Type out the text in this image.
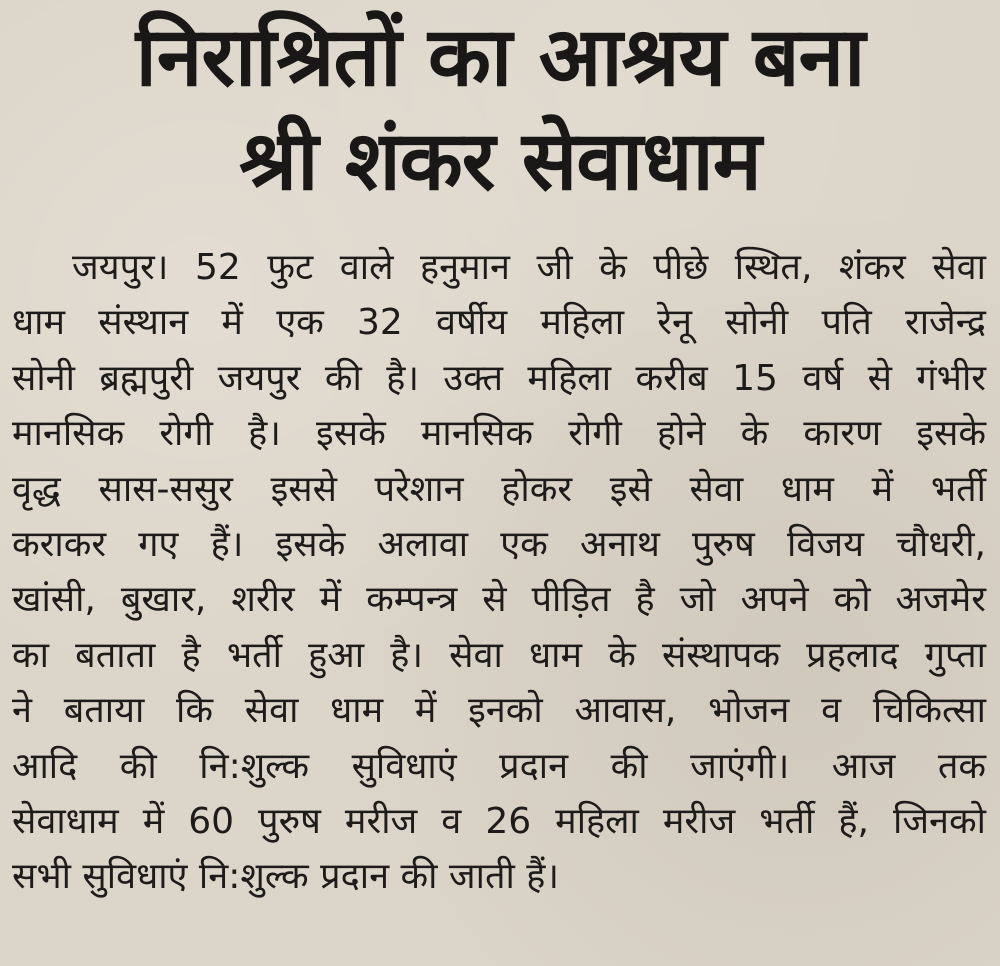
निराश्रितों का आश्रय बना
श्री शंकर सेवाधाम

जयपुर। 52 फुट वाले हनुमान जी के पीछे स्थित, शंकर सेवा
धाम संस्थान में एक 32 वर्षीय महिला रेनू सोनी पति राजेन्द्र
सोनी ब्रह्मपुरी जयपुर की है। उक्त महिला करीब 15 वर्ष से गंभीर
मानसिक रोगी है। इसके मानसिक रोगी होने के कारण इसके
वृद्ध सास-ससुर इससे परेशान होकर इसे सेवा धाम में भर्ती
कराकर गए हैं। इसके अलावा एक अनाथ पुरुष विजय चौधरी,
खांसी, बुखार, शरीर में कम्पन्त्र से पीड़ित है जो अपने को अजमेर
का बताता है भर्ती हुआ है। सेवा धाम के संस्थापक प्रहलाद गुप्ता
ने बताया कि सेवा धाम में इनको आवास, भोजन व चिकित्सा
आदि की नि:शुल्क सुविधाएं प्रदान की जाएंगी। आज तक
सेवाधाम में 60 पुरुष मरीज व 26 महिला मरीज भर्ती हैं, जिनको
सभी सुविधाएं नि:शुल्क प्रदान की जाती हैं।
